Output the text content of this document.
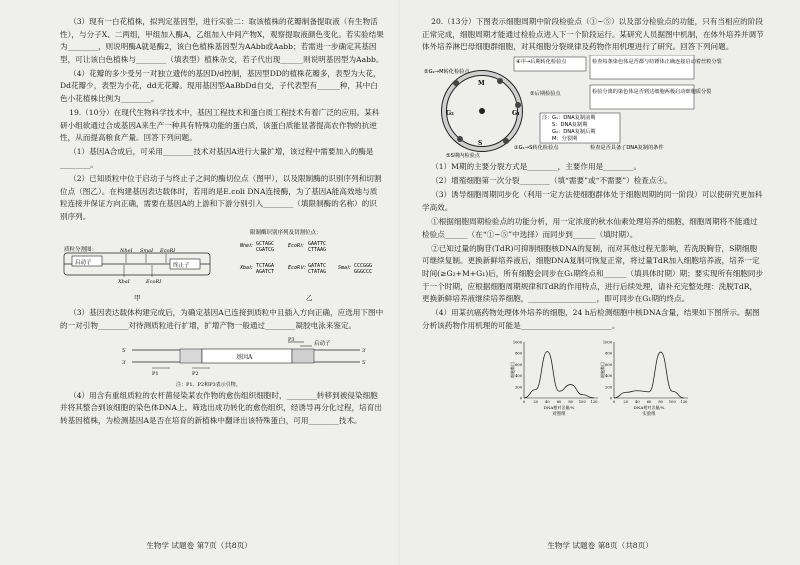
（3）现有一白花植株，拟判定基因型，进行实验二：取该植株的花瓣制备提取液（有生物活性），与分子X、二两组，甲组加入酶A，乙组加入中间产物X，观察提取液颜色变化。若实验结果为________，则说明酶A就是酶2，该白色植株基因型为AAbb或Aabb；若需进一步确定其基因型，可让该白色植株与________（填表型）植株杂交，若子代出现______则说明基因型为Aabb。

（4）花瓣的多少受另一对独立遗传的基因D/d控制，基因型DD的植株花瓣多，表型为大花，Dd花瓣少，表型为小花，dd无花瓣。现用基因型AaBbDd自交，子代表型有______种，其中白色小花植株比例为________。

19.（10分）在现代生物科学技术中，基因工程技术和蛋白质工程技术有着广泛的应用。某科研小组欲通过合成基因A来生产一种具有特殊功能的蛋白质，该蛋白质能显著提高农作物的抗逆性，从而提高粮食产量。回答下列问题。

（1）基因A合成后，可采用________技术对基因A进行大量扩增，该过程中需要加入的酶是________。

（2）已知质粒中位于启动子与终止子之间的酶切位点（图甲），以及限制酶的识别序列和切割位点（图乙）。在构建基因表达载体时，若用的是E.coli DNA连接酶，为了基因A能高效地与质粒连接并保证方向正确，需要在基因A的上游和下游分别引入________（填限制酶的名称）的识别序列。

限制酶识别序列及切割位点：
质粒分割图：
启动子	终止子
NheⅠ SmaⅠ EcoRⅠ
XbaⅠ	EcoRⅠ
甲
NheⅠ: GCTAGC
CGATCG
EcoRⅠ: GAATTC
CTTAAG
XbaⅠ: TCTAGA
AGATCT
EcoRⅤ: GATATC
CTATAG
SmaⅠ: CCCGGG
GGGCCC
乙

（3）基因表达载体构建完成后，为确定基因A已连接到质粒中且插入方向正确，应选用下图中的一对引物________对待测质粒进行扩增，扩增产物一般通过________凝胶电泳来鉴定。

5′
3′
3′
5′
基因A
启动子
P3
P1	P2
注：P1、P2和P3表示引物。

（4）用含有重组质粒的农杆菌侵染某农作物的愈伤组织细胞时，________转移到被侵染细胞并将其整合到该细胞的染色体DNA上。筛选出成功转化的愈伤组织，经诱导再分化过程，培育出转基因植株，为检测基因A是否在培育的新植株中翻译出该特殊蛋白，可用________技术。

生物学 试题卷 第7页（共8页）

20.（13分）下图表示细胞周期中阶段检验点（①~⑤）以及部分检验点的功能，只有当相应的阶段正常完成，细胞周期才能通过检验点进入下一个阶段运行。某研究人员据图中机制，在体外培养并调节体外培养淋巴母细胞群细胞，对其细胞分裂规律及药物作用机理进行了研究。回答下列问题。

M
G₂	G₁
S
④中→后期转化检验点	检查每条染色体是否都与纺锤体正确连接启动着丝粒分裂
⑤G₂→M转化检验点
⑤后期检验点	检验分离的染色体是否到达细胞两极启动细胞质分裂
⑤S期内检验点
①G₁→S转化检验点	检查是否具备了DNA复制的条件
注： G₁：DNA复制前期
S：DNA复制期
G₂：DNA复制后期
M：分裂期

（1）M期的主要分裂方式是________，主要作用是________。

（2）增殖细胞第一次分裂________（填“需要”或“不需要”）检查点④。

（3）诱导细胞周期同步化（利用一定方法使细胞群体处于细胞周期的同一阶段）可以使研究更加科学高效。

①根据细胞周期检验点的功能分析，用一定浓度的秋水仙素处理培养的细胞，细胞周期将不能通过检验点______（在“①~⑤”中选择）而同步到______（填时期）。

②已知过量的胸苷(TdR)可抑制细胞核DNA的复制，而对其他过程无影响，若洗脱胸苷，S期细胞可继续复制。更换新鲜培养液后，细胞DNA复制可恢复正常，将过量TdR加入细胞培养液，培养一定时间(≥G₂+M+G₁)后，所有细胞会同步在G₁期终点和______（填具体时期）期；要实现所有细胞同步于一个时期，应根据细胞周期规律和TdR的作用特点，进行后续处理，请补充完整处理：洗脱TdR，更换新鲜培养液继续培养细胞，__________________，即可同步在G₁期的终点。

（4）用某抗癌药物处理体外培养的细胞，24 h后检测细胞中核DNA含量，结果如下图所示。据图分析该药物作用机理的可能是________________________。

0
200
400
600
800
1000
0 20 40 60 80 100 120
细胞数目
DNA相对含量/%
对照组
0
200
400
600
800
1000
0 20 40 60 80 100 120
细胞数目
DNA相对含量/%
实验组
生物学 试题卷 第8页（共8页）
